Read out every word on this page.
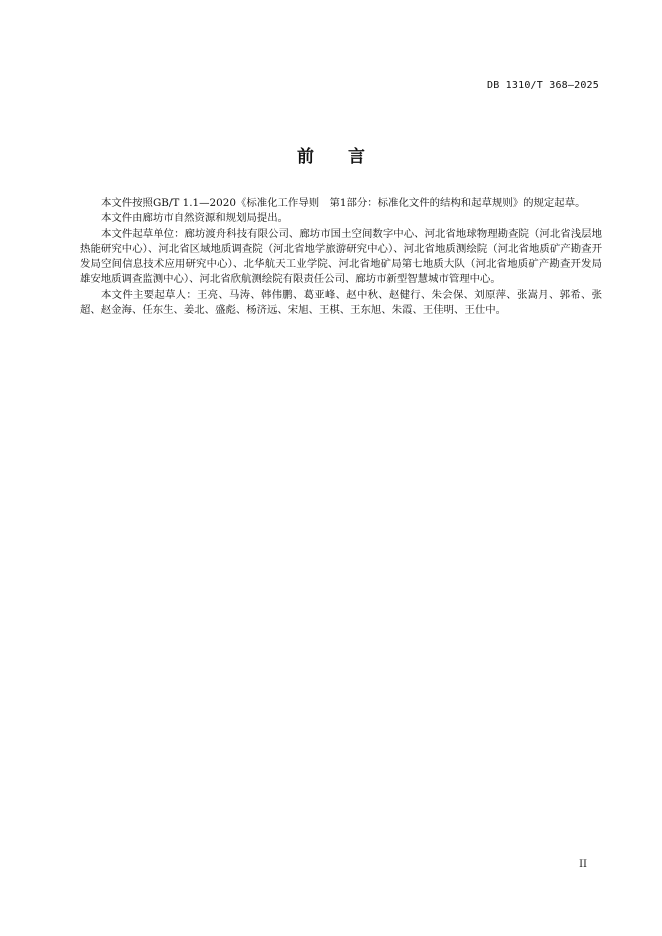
DB 1310/T 368—2025
前言

本文件按照GB/T 1.1—2020《标准化工作导则　第1部分：标准化文件的结构和起草规则》的规定起草。

本文件由廊坊市自然资源和规划局提出。

本文件起草单位：廊坊渡舟科技有限公司、廊坊市国土空间数字中心、河北省地球物理勘查院（河北省浅层地热能研究中心）、河北省区域地质调查院（河北省地学旅游研究中心）、河北省地质测绘院（河北省地质矿产勘查开发局空间信息技术应用研究中心）、北华航天工业学院、河北省地矿局第七地质大队（河北省地质矿产勘查开发局雄安地质调查监测中心）、河北省欣航测绘院有限责任公司、廊坊市新型智慧城市管理中心。

本文件主要起草人：王亮、马涛、韩伟鹏、葛亚峰、赵中秋、赵健行、朱会保、刘原萍、张嵩月、郭希、张超、赵金海、任东生、姜北、盛彪、杨济远、宋旭、王棋、王东旭、朱霞、王佳明、王仕中。

II
